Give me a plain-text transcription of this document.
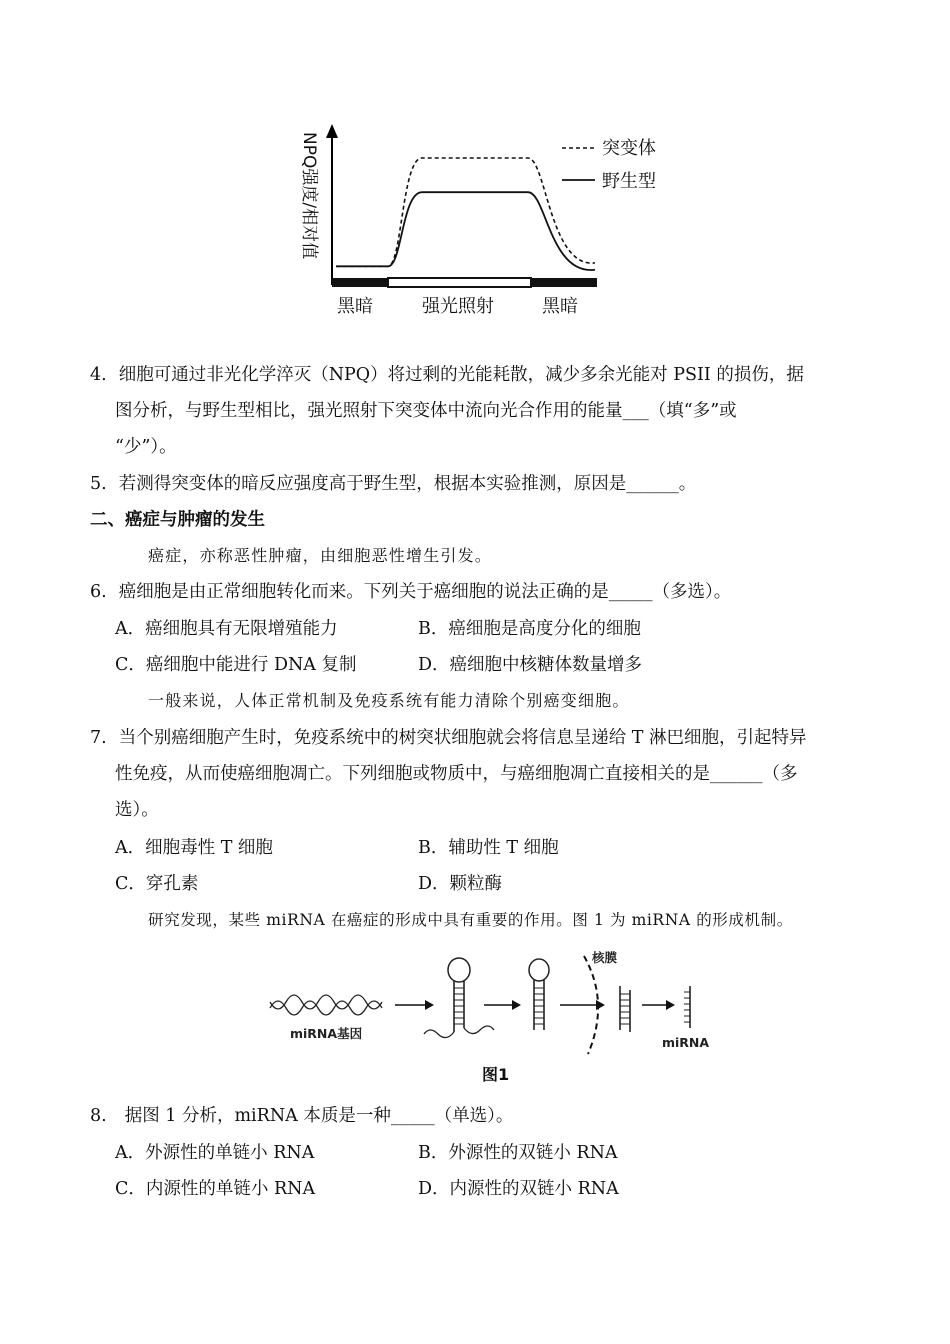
NPQ强度/相对值	突变体
野生型
黑暗	强光照射	黑暗
4. 细胞可通过非光化学淬灭（NPQ）将过剩的光能耗散，减少多余光能对 PSII 的损伤，据
图分析，与野生型相比，强光照射下突变体中流向光合作用的能量___（填“多”或
“少”）。
5. 若测得突变体的暗反应强度高于野生型，根据本实验推测，原因是______。
二、癌症与肿瘤的发生
癌症，亦称恶性肿瘤，由细胞恶性增生引发。
6. 癌细胞是由正常细胞转化而来。下列关于癌细胞的说法正确的是_____（多选）。
A．癌细胞具有无限增殖能力	B．癌细胞是高度分化的细胞
C．癌细胞中能进行 DNA 复制	D．癌细胞中核糖体数量增多
一般来说，人体正常机制及免疫系统有能力清除个别癌变细胞。
7. 当个别癌细胞产生时，免疫系统中的树突状细胞就会将信息呈递给 T 淋巴细胞，引起特异
性免疫，从而使癌细胞凋亡。下列细胞或物质中，与癌细胞凋亡直接相关的是______（多
选）。
A．细胞毒性 T 细胞	B．辅助性 T 细胞
C．穿孔素	D．颗粒酶
研究发现，某些 miRNA 在癌症的形成中具有重要的作用。图 1 为 miRNA 的形成机制。
miRNA基因
核膜
miRNA
图1
8. 据图 1 分析，miRNA 本质是一种_____（单选）。
A．外源性的单链小 RNA	B．外源性的双链小 RNA
C．内源性的单链小 RNA	D．内源性的双链小 RNA
